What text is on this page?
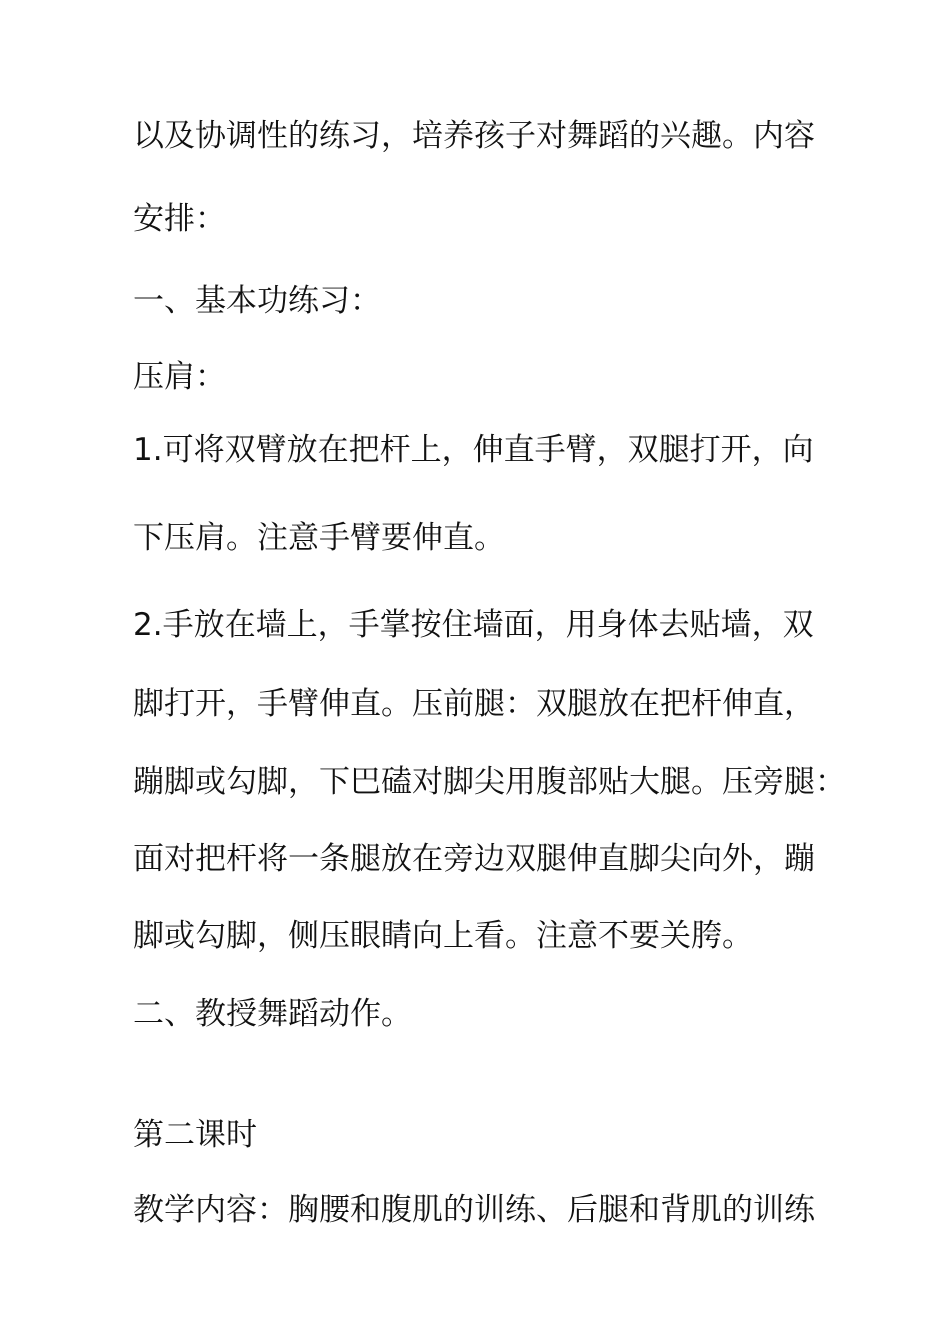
以及协调性的练习，培养孩子对舞蹈的兴趣。内容
安排：
一、基本功练习：
压肩：
1.可将双臂放在把杆上，伸直手臂，双腿打开，向
下压肩。注意手臂要伸直。
2.手放在墙上，手掌按住墙面，用身体去贴墙，双
脚打开，手臂伸直。压前腿：双腿放在把杆伸直，
蹦脚或勾脚，下巴磕对脚尖用腹部贴大腿。压旁腿：
面对把杆将一条腿放在旁边双腿伸直脚尖向外，蹦
脚或勾脚，侧压眼睛向上看。注意不要关胯。
二、教授舞蹈动作。
第二课时
教学内容：胸腰和腹肌的训练、后腿和背肌的训练
